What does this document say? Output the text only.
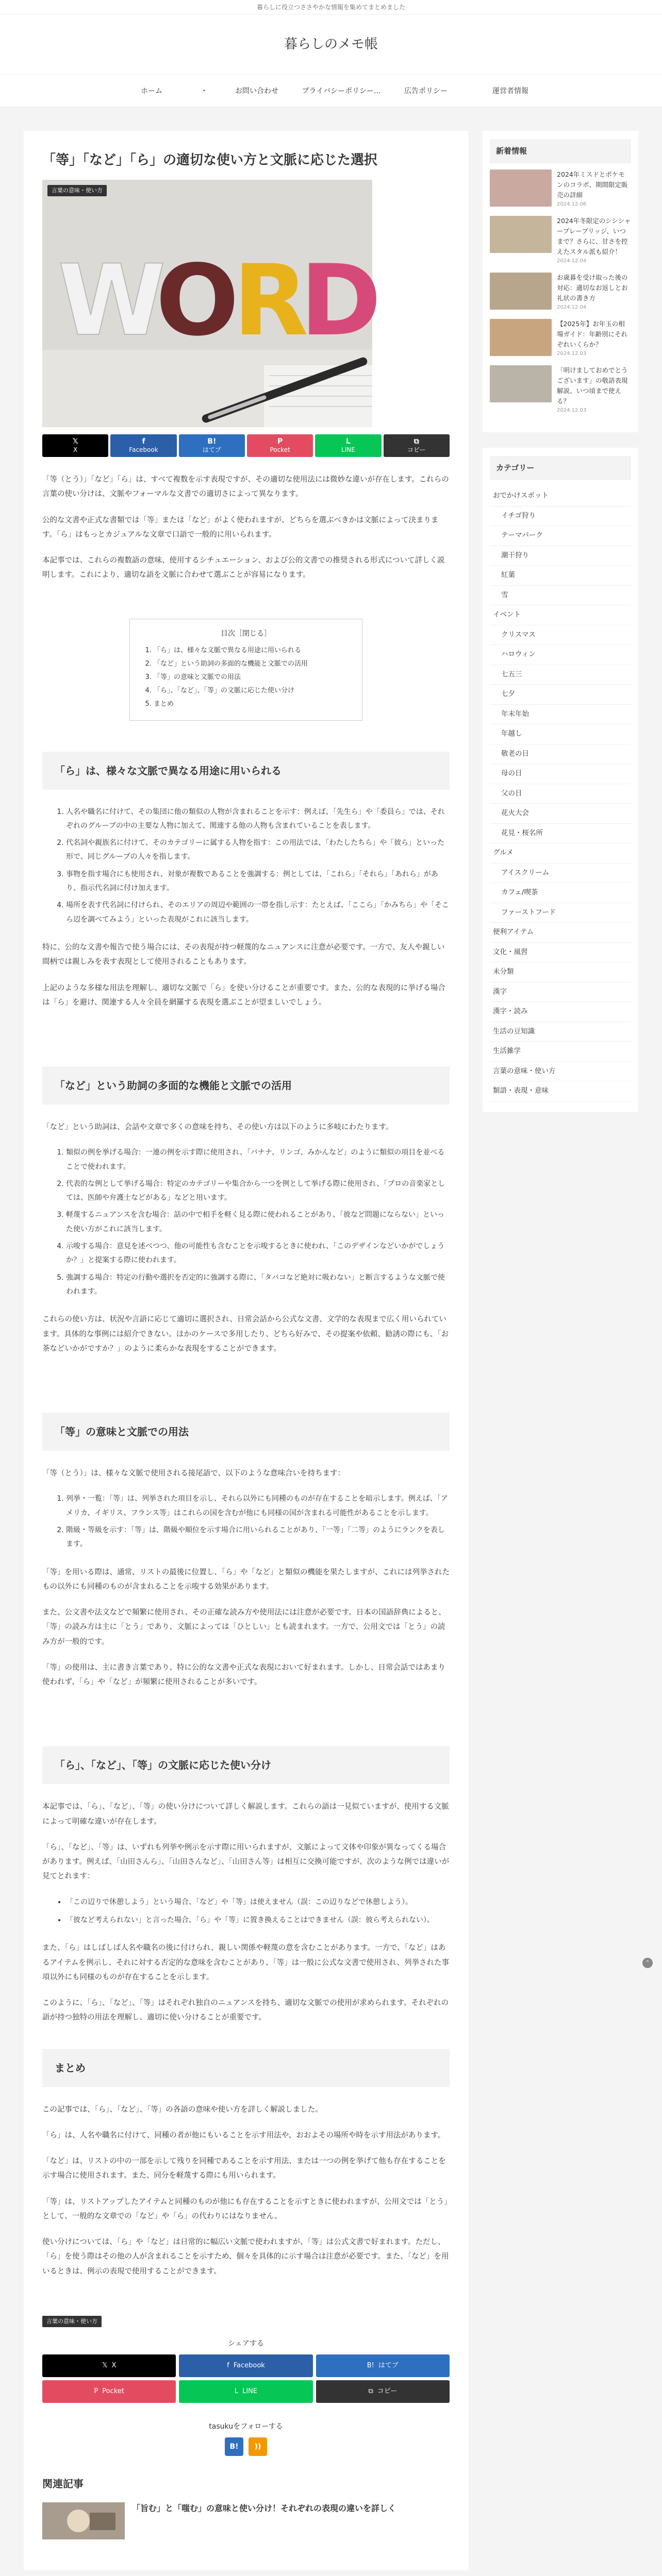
暮らしに役立つささやかな情報を集めてまとめました
暮らしのメモ帳
ホーム	・	お問い合わせ	プライバシーポリシー...	広告ポリシー	運営者情報
「等」「など」「ら」の適切な使い方と文脈に応じた選択
W
O
R
D
言葉の意味・使い方
𝕏
X
f
Facebook
B!
はてブ
P
Pocket
L
LINE
⧉
コピー

「等（とう）」「など」「ら」は、すべて複数を示す表現ですが、その適切な使用法には微妙な違いが存在します。これらの言葉の使い分けは、文脈やフォーマルな文書での適切さによって異なります。

公的な文書や正式な書類では「等」または「など」がよく使われますが、どちらを選ぶべきかは文脈によって決まります。「ら」はもっとカジュアルな文章で口語で一般的に用いられます。

本記事では、これらの複数語の意味、使用するシチュエーション、および公的文書での推奨される形式について詳しく説明します。これにより、適切な語を文脈に合わせて選ぶことが容易になります。

目次［閉じる］
1. 「ら」は、様々な文脈で異なる用途に用いられる
2. 「など」という助詞の多面的な機能と文脈での活用
3. 「等」の意味と文脈での用法
4. 「ら」、「など」、「等」の文脈に応じた使い分け
5. まとめ
「ら」は、様々な文脈で異なる用途に用いられる
1. 人名や職名に付けて、その集団に他の類似の人物が含まれることを示す：例えば、「先生ら」や「委員ら」では、それぞれのグループの中の主要な人物に加えて、関連する他の人物も含まれていることを表します。
2. 代名詞や親族名に付けて、そのカテゴリーに属する人物を指す：この用法では、「わたしたちら」や「彼ら」といった形で、同じグループの人々を指します。
3. 事物を指す場合にも使用され、対象が複数であることを強調する：例としては、「これら」「それら」「あれら」があり、指示代名詞に付け加えます。
4. 場所を表す代名詞に付けられ、そのエリアの周辺や範囲の一帯を指し示す：たとえば、「ここら」「かみちら」や「そこら辺を調べてみよう」といった表現がこれに該当します。

特に、公的な文書や報告で使う場合には、その表現が持つ軽蔑的なニュアンスに注意が必要です。一方で、友人や親しい間柄では親しみを表す表現として使用されることもあります。

上記のような多様な用法を理解し、適切な文脈で「ら」を使い分けることが重要です。また、公的な表現的に挙げる場合は「ら」を避け、関連する人々全員を網羅する表現を選ぶことが望ましいでしょう。

「など」という助詞の多面的な機能と文脈での活用

「など」という助詞は、会話や文章で多くの意味を持ち、その使い方は以下のように多岐にわたります。

1. 類似の例を挙げる場合：一連の例を示す際に使用され、「バナナ、リンゴ、みかんなど」のように類似の項目を並べることで使われます。
2. 代表的な例として挙げる場合：特定のカテゴリーや集合から一つを例として挙げる際に使用され、「プロの音楽家としては、医師や弁護士などがある」などと用います。
3. 軽蔑するニュアンスを含む場合：話の中で相手を軽く見る際に使われることがあり、「彼など問題にならない」といった使い方がこれに該当します。
4. 示唆する場合：意見を述べつつ、他の可能性も含むことを示唆するときに使われ、「このデザインなどいかがでしょうか？」と提案する際に使われます。
5. 強調する場合：特定の行動や選択を否定的に強調する際に、「タバコなど絶対に吸わない」と断言するような文脈で使われます。

これらの使い方は、状況や言語に応じて適切に選択され、日常会話から公式な文書、文学的な表現まで広く用いられています。具体的な事例には紹介できない。ほかのケースで多用したり、どちら好みで、その提案や依頼、勧誘の際にも、「お茶などいかがですか？」のように柔らかな表現をすることができます。

「等」の意味と文脈での用法

「等（とう）」は、様々な文脈で使用される接尾語で、以下のような意味合いを持ちます：

1. 列挙・一覧：「等」は、列挙された項目を示し、それら以外にも同種のものが存在することを暗示します。例えば、「アメリカ、イギリス、フランス等」はこれらの国を含むが他にも同様の国が含まれる可能性があることを示します。
2. 階級・等級を示す：「等」は、階級や順位を示す場合に用いられることがあり、「一等」「二等」のようにランクを表します。

「等」を用いる際は、通常、リストの最後に位置し、「ら」や「など」と類似の機能を果たしますが、これには列挙されたもの以外にも同種のものが含まれることを示唆する効果があります。

また、公文書や法文などで頻繁に使用され、その正確な読み方や使用法には注意が必要です。日本の国語辞典によると、「等」の読み方は主に「とう」であり、文脈によっては「ひとしい」とも読まれます。一方で、公用文では「とう」の読み方が一般的です。

「等」の使用は、主に書き言葉であり、特に公的な文書や正式な表現において好まれます。しかし、日常会話ではあまり使われず、「ら」や「など」が頻繁に使用されることが多いです。

「ら」、「など」、「等」の文脈に応じた使い分け

本記事では、「ら」、「など」、「等」の使い分けについて詳しく解説します。これらの語は一見似ていますが、使用する文脈によって明確な違いが存在します。

「ら」、「など」、「等」は、いずれも列挙や例示を示す際に用いられますが、文脈によって文体や印象が異なってくる場合があります。例えば、「山田さんら」、「山田さんなど」、「山田さん等」は相互に交換可能ですが、次のような例では違いが見てとれます：

• 「この辺りで休憩しよう」という場合、「など」や「等」は使えません（誤：この辺りなどで休憩しよう）。
• 「彼など考えられない」と言った場合、「ら」や「等」に置き換えることはできません（誤：彼ら考えられない）。

また、「ら」はしばしば人名や職名の後に付けられ、親しい関係や軽蔑の意を含むことがあります。一方で、「など」はあるアイテムを例示し、それに対する否定的な意味を含むことがあり、「等」は一般に公式な文書で使用され、列挙された事項以外にも同様のものが存在することを示します。

このように、「ら」、「など」、「等」はそれぞれ独自のニュアンスを持ち、適切な文脈での使用が求められます。それぞれの語が持つ独特の用法を理解し、適切に使い分けることが重要です。

まとめ

この記事では、「ら」、「など」、「等」の各語の意味や使い方を詳しく解説しました。

「ら」は、人名や職名に付けて、同種の者が他にもいることを示す用法や、おおよその場所や時を示す用法があります。

「など」は、リストの中の一部を示して残りを同種であることを示す用法、または一つの例を挙げて他も存在することを示す場合に使用されます。また、同分を軽蔑する際にも用いられます。

「等」は、リストアップしたアイテムと同種のものが他にも存在することを示すときに使われますが、公用文では「とう」として、一般的な文章での「など」や「ら」の代わりにはなりません。

使い分けについては、「ら」や「など」は日常的に幅広い文脈で使われますが、「等」は公式文書で好まれます。ただし、「ら」を使う際はその他の人が含まれることを示すため、個々を具体的に示す場合は注意が必要です。また、「など」を用いるときは、例示の表現で使用することができます。

言葉の意味・使い方
シェアする
𝕏 X	f Facebook	B! はてブ
P Pocket	L LINE	⧉ コピー
tasukuをフォローする
B!	))
関連記事
「旨む」と「嗤む」の意味と使い分け！それぞれの表現の違いを詳しく
新着情報
2024年ミスドとポケモンのコラボ、期間限定販売の詳細
2024.12.06
2024年冬限定のシシシャープレーブリッジ、いつまで？さらに、甘さを控えたスタル派も紹介！
2024.12.04
お歳暮を受け取った後の対応：適切なお返しとお礼状の書き方
2024.12.04
【2025年】お年玉の相場ガイド：年齢別にそれぞれいくらか？
2024.12.03
「明けましておめでとうございます」の敬語表現解説、いつ頃まで使える？
2024.12.03
カテゴリー
おでかけスポット
イチゴ狩り
テーマパーク
潮干狩り
紅葉
雪
イベント
クリスマス
ハロウィン
七五三
七夕
年末年始
年越し
敬老の日
母の日
父の日
花火大会
花見・桜名所
グルメ
アイスクリーム
カフェ/喫茶
ファーストフード
便利アイテム
文化・風習
未分類
漢字
漢字・読み
生活の豆知識
生活雑学
言葉の意味・使い方
類語・表現・意味
⌃
